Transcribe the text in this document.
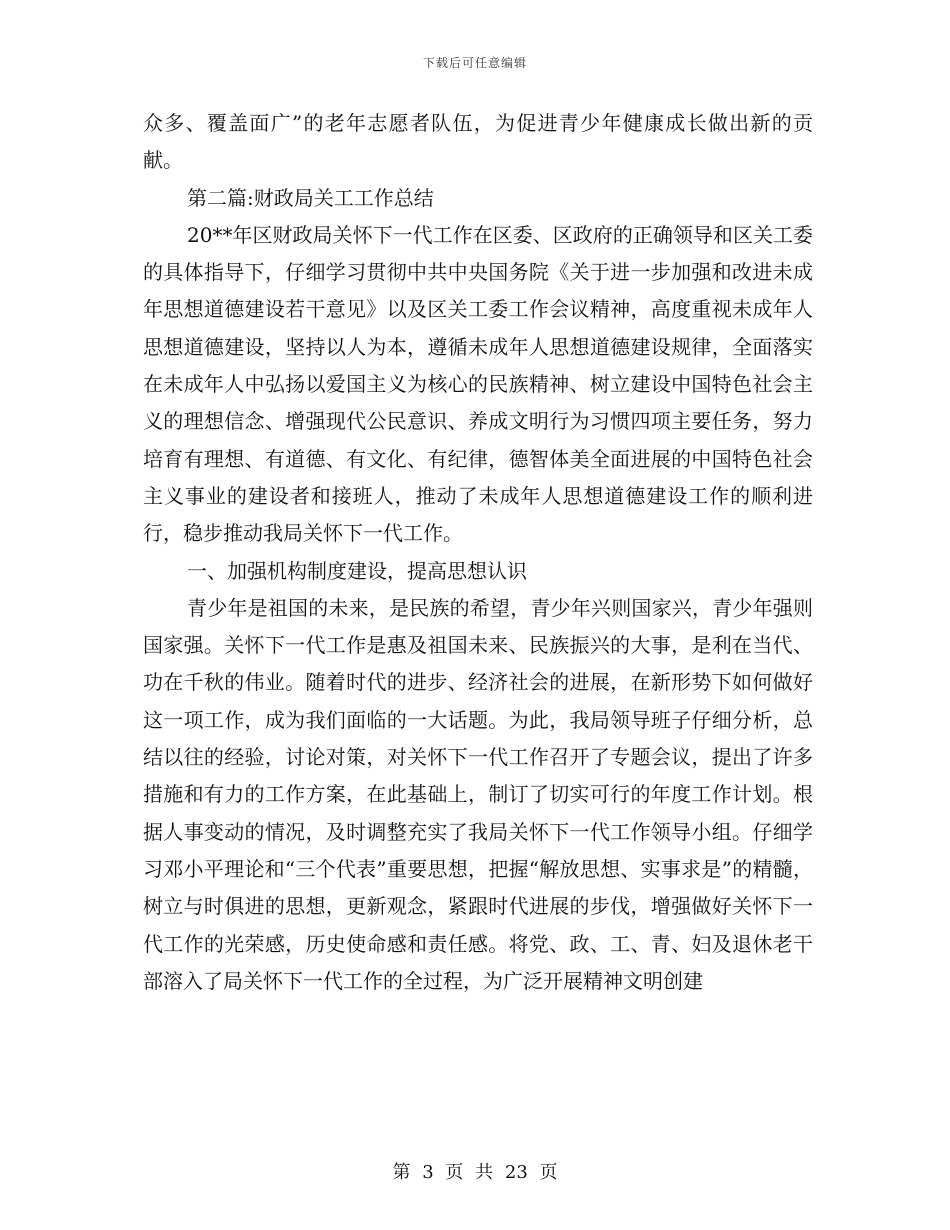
下载后可任意编辑

众多、覆盖面广”的老年志愿者队伍，为促进青少年健康成长做出新的贡献。

第二篇:财政局关工工作总结

20**年区财政局关怀下一代工作在区委、区政府的正确领导和区关工委的具体指导下，仔细学习贯彻中共中央国务院《关于进一步加强和改进未成年思想道德建设若干意见》以及区关工委工作会议精神，高度重视未成年人思想道德建设，坚持以人为本，遵循未成年人思想道德建设规律，全面落实在未成年人中弘扬以爱国主义为核心的民族精神、树立建设中国特色社会主义的理想信念、增强现代公民意识、养成文明行为习惯四项主要任务，努力培育有理想、有道德、有文化、有纪律，德智体美全面进展的中国特色社会主义事业的建设者和接班人，推动了未成年人思想道德建设工作的顺利进行，稳步推动我局关怀下一代工作。

一、加强机构制度建设，提高思想认识

青少年是祖国的未来，是民族的希望，青少年兴则国家兴，青少年强则国家强。关怀下一代工作是惠及祖国未来、民族振兴的大事，是利在当代、功在千秋的伟业。随着时代的进步、经济社会的进展，在新形势下如何做好这一项工作，成为我们面临的一大话题。为此，我局领导班子仔细分析，总结以往的经验，讨论对策，对关怀下一代工作召开了专题会议，提出了许多措施和有力的工作方案，在此基础上，制订了切实可行的年度工作计划。根据人事变动的情况，及时调整充实了我局关怀下一代工作领导小组。仔细学习邓小平理论和“三个代表”重要思想，把握“解放思想、实事求是”的精髓，树立与时俱进的思想，更新观念，紧跟时代进展的步伐，增强做好关怀下一代工作的光荣感，历史使命感和责任感。将党、政、工、青、妇及退休老干部溶入了局关怀下一代工作的全过程，为广泛开展精神文明创建

第 3 页 共 23 页
